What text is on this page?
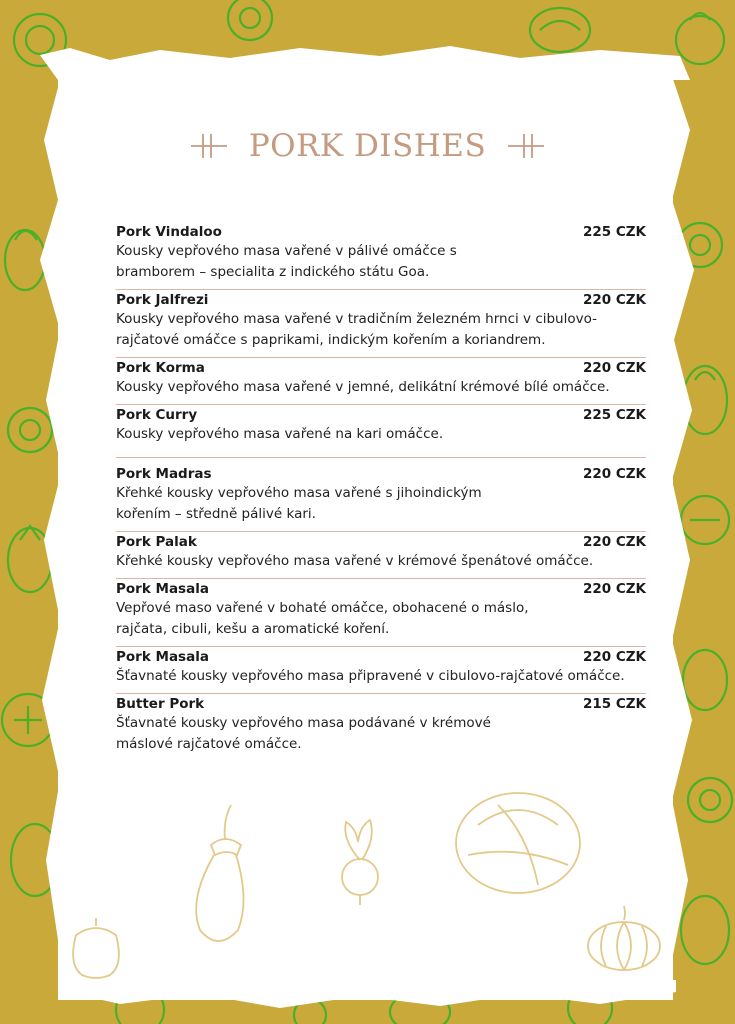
PORK DISHES
Pork Vindaloo	225 CZK
Kousky vepřového masa vařené v pálivé omáčce s bramborem – specialita z indického státu Goa.
Pork Jalfrezi	220 CZK
Kousky vepřového masa vařené v tradičním železném hrnci v cibulovo-rajčatové omáčce s paprikami, indickým kořením a koriandrem.
Pork Korma	220 CZK
Kousky vepřového masa vařené v jemné, delikátní krémové bílé omáčce.
Pork Curry	225 CZK
Kousky vepřového masa vařené na kari omáčce.
Pork Madras	220 CZK
Křehké kousky vepřového masa vařené s jihoindickým kořením – středně pálivé kari.
Pork Palak	220 CZK
Křehké kousky vepřového masa vařené v krémové špenátové omáčce.
Pork Masala	220 CZK
Vepřové maso vařené v bohaté omáčce, obohacené o máslo, rajčata, cibuli, kešu a aromatické koření.
Pork Masala	220 CZK
Šťavnaté kousky vepřového masa připravené v cibulovo-rajčatové omáčce.
Butter Pork	215 CZK
Šťavnaté kousky vepřového masa podávané v krémové máslové rajčatové omáčce.
